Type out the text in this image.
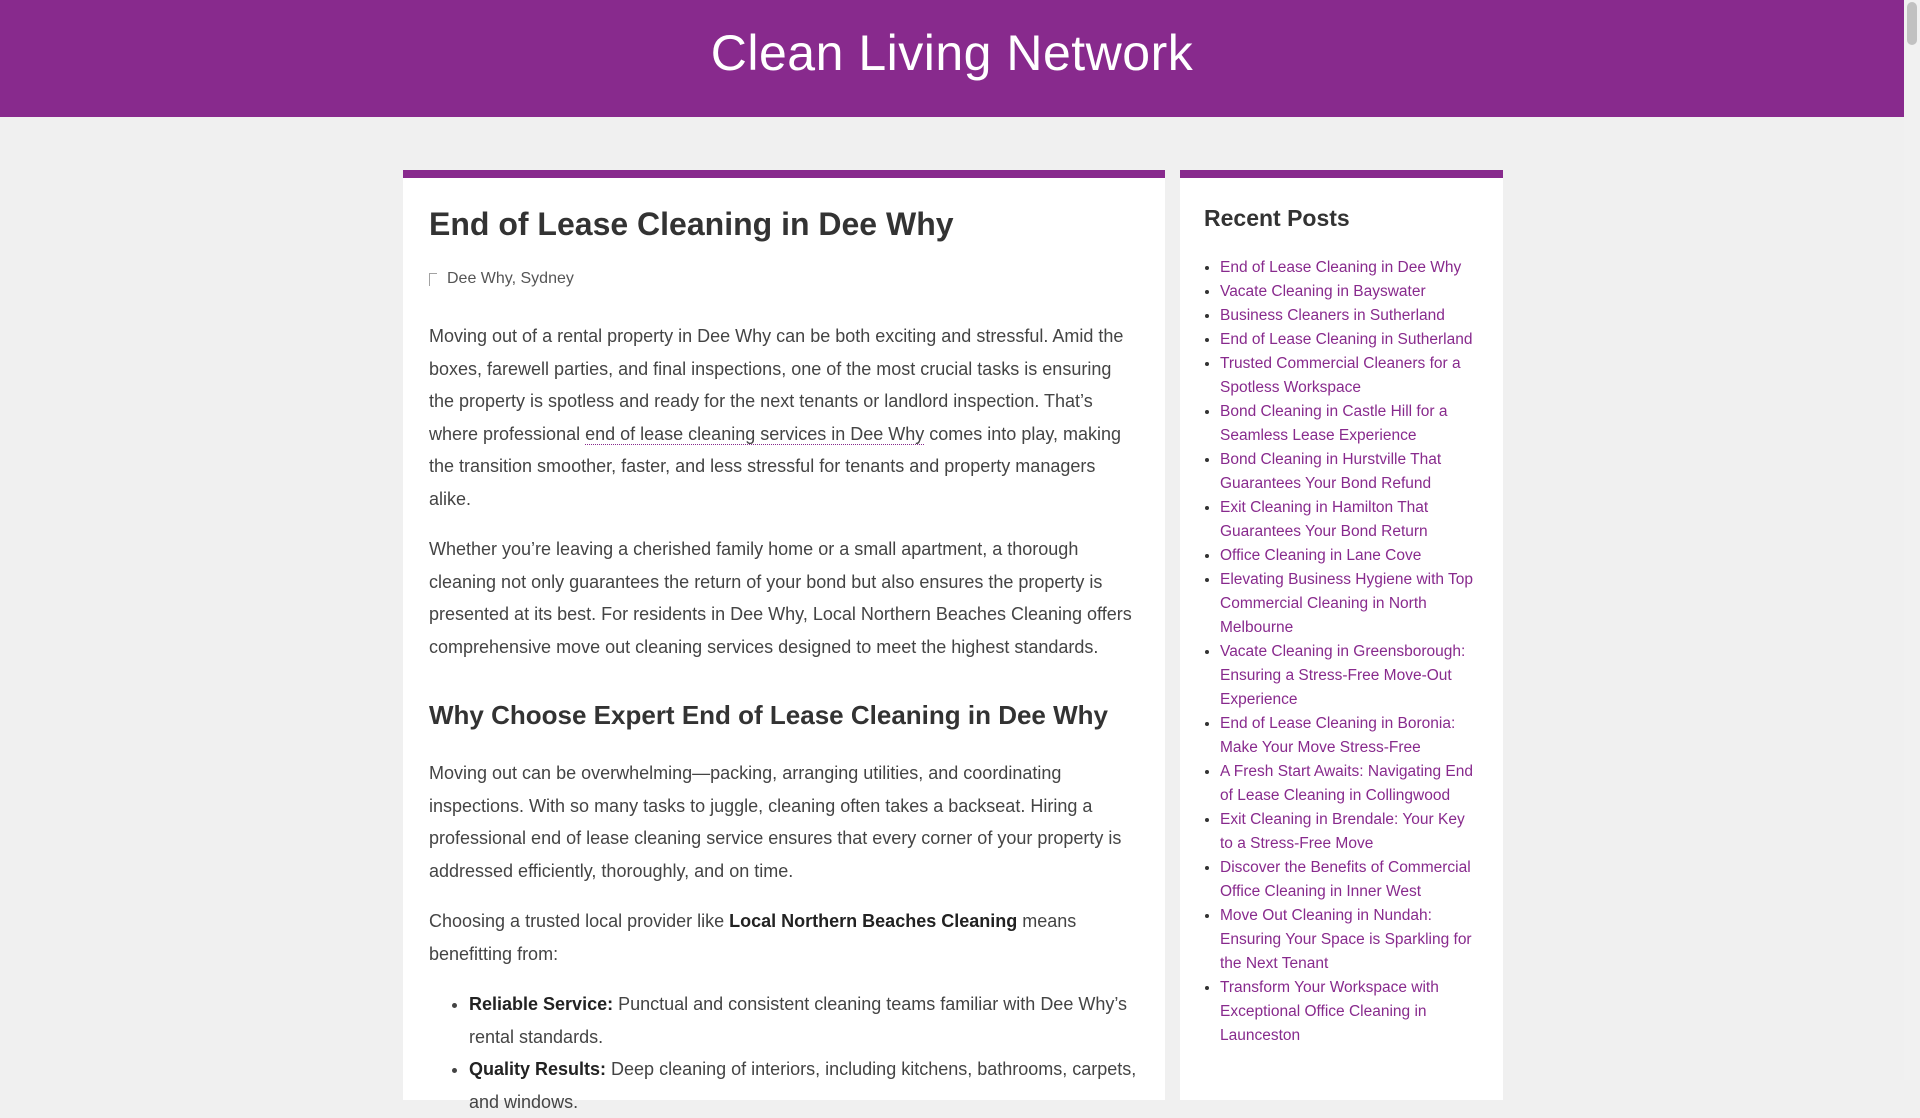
Clean Living Network
End of Lease Cleaning in Dee Why
Dee Why, Sydney

Moving out of a rental property in Dee Why can be both exciting and stressful. Amid the boxes, farewell parties, and final inspections, one of the most crucial tasks is ensuring the property is spotless and ready for the next tenants or landlord inspection. That’s where professional end of lease cleaning services in Dee Why comes into play, making the transition smoother, faster, and less stressful for tenants and property managers alike.

Whether you’re leaving a cherished family home or a small apartment, a thorough cleaning not only guarantees the return of your bond but also ensures the property is presented at its best. For residents in Dee Why, Local Northern Beaches Cleaning offers comprehensive move out cleaning services designed to meet the highest standards.

Why Choose Expert End of Lease Cleaning in Dee Why

Moving out can be overwhelming—packing, arranging utilities, and coordinating inspections. With so many tasks to juggle, cleaning often takes a backseat. Hiring a professional end of lease cleaning service ensures that every corner of your property is addressed efficiently, thoroughly, and on time.

Choosing a trusted local provider like Local Northern Beaches Cleaning means benefitting from:

• Reliable Service: Punctual and consistent cleaning teams familiar with Dee Why’s rental standards.
• Quality Results: Deep cleaning of interiors, including kitchens, bathrooms, carpets, and windows.
Recent Posts
• End of Lease Cleaning in Dee Why
• Vacate Cleaning in Bayswater
• Business Cleaners in Sutherland
• End of Lease Cleaning in Sutherland
• Trusted Commercial Cleaners for a Spotless Workspace
• Bond Cleaning in Castle Hill for a Seamless Lease Experience
• Bond Cleaning in Hurstville That Guarantees Your Bond Refund
• Exit Cleaning in Hamilton That Guarantees Your Bond Return
• Office Cleaning in Lane Cove
• Elevating Business Hygiene with Top Commercial Cleaning in North Melbourne
• Vacate Cleaning in Greensborough: Ensuring a Stress-Free Move-Out Experience
• End of Lease Cleaning in Boronia: Make Your Move Stress-Free
• A Fresh Start Awaits: Navigating End of Lease Cleaning in Collingwood
• Exit Cleaning in Brendale: Your Key to a Stress-Free Move
• Discover the Benefits of Commercial Office Cleaning in Inner West
• Move Out Cleaning in Nundah: Ensuring Your Space is Sparkling for the Next Tenant
• Transform Your Workspace with Exceptional Office Cleaning in Launceston
